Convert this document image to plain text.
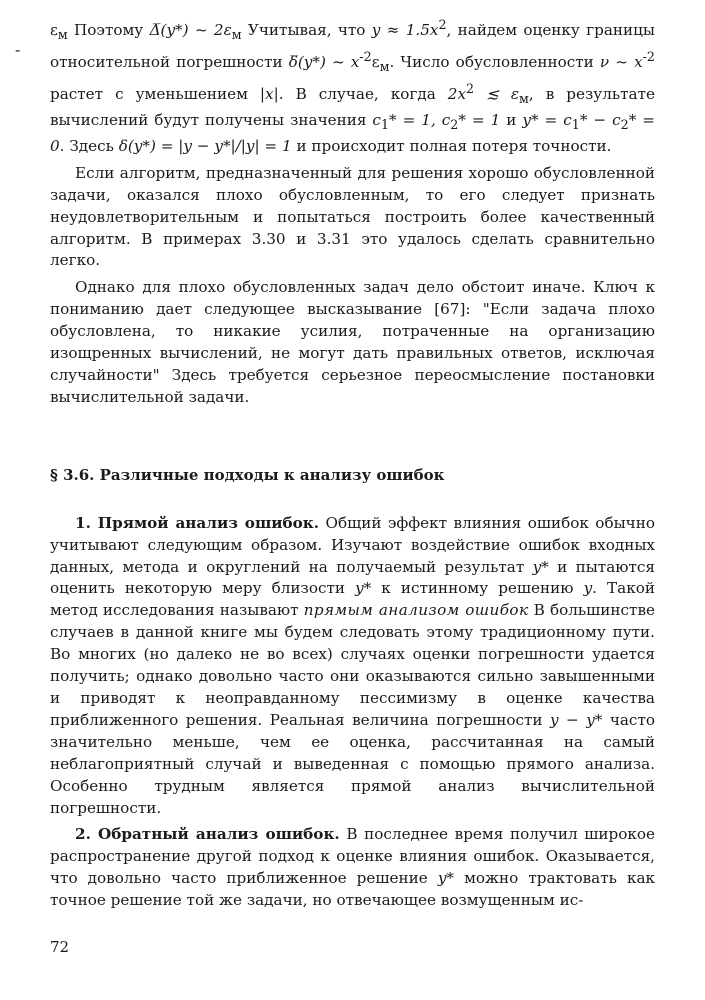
-

$\varepsilon_м$ Поэтому Δ̅(y*) ~ $2\varepsilon_м$ Учитывая, что $y \approx 1.5x^2$, найдем оценку границы относительной погрешности δ̅(y*) ~ $x^{-2}\varepsilon_м$. Число обусловленности ν ~ $x^{-2}$ растет с уменьшением |x|. В случае, когда $2x^2$ ≲ $\varepsilon_м$, в результате вычислений будут получены значения $c_1* = 1$, $c_2* = 1$ и $y* = c_1* - c_2* = 0$. Здесь δ(y*) = |y − y*|/|y| = 1 и происходит полная потеря точности.

Если алгоритм, предназначенный для решения хорошо обусловленной задачи, оказался плохо обусловленным, то его следует признать неудовлетворительным и попытаться построить более качественный алгоритм. В примерах 3.30 и 3.31 это удалось сделать сравнительно легко.

Однако для плохо обусловленных задач дело обстоит иначе. Ключ к пониманию дает следующее высказывание [67]: "Если задача плохо обусловлена, то никакие усилия, потраченные на организацию изощренных вычислений, не могут дать правильных ответов, исключая случайности" Здесь требуется серьезное переосмысление постановки вычислительной задачи.

§ 3.6. Различные подходы к анализу ошибок

1. Прямой анализ ошибок. Общий эффект влияния ошибок обычно учитывают следующим образом. Изучают воздействие ошибок входных данных, метода и округлений на получаемый результат y* и пытаются оценить некоторую меру близости y* к истинному решению y. Такой метод исследования называют прямым анализом ошибок В большинстве случаев в данной книге мы будем следовать этому традиционному пути. Во многих (но далеко не во всех) случаях оценки погрешности удается получить; однако довольно часто они оказываются сильно завышенными и приводят к неоправданному пессимизму в оценке качества приближенного решения. Реальная величина погрешности y − y* часто значительно меньше, чем ее оценка, рассчитанная на самый неблагоприятный случай и выведенная с помощью прямого анализа. Особенно трудным является прямой анализ вычислительной погрешности.

2. Обратный анализ ошибок. В последнее время получил широкое распространение другой подход к оценке влияния ошибок. Оказывается, что довольно часто приближенное решение y* можно трактовать как точное решение той же задачи, но отвечающее возмущенным ис-

72
